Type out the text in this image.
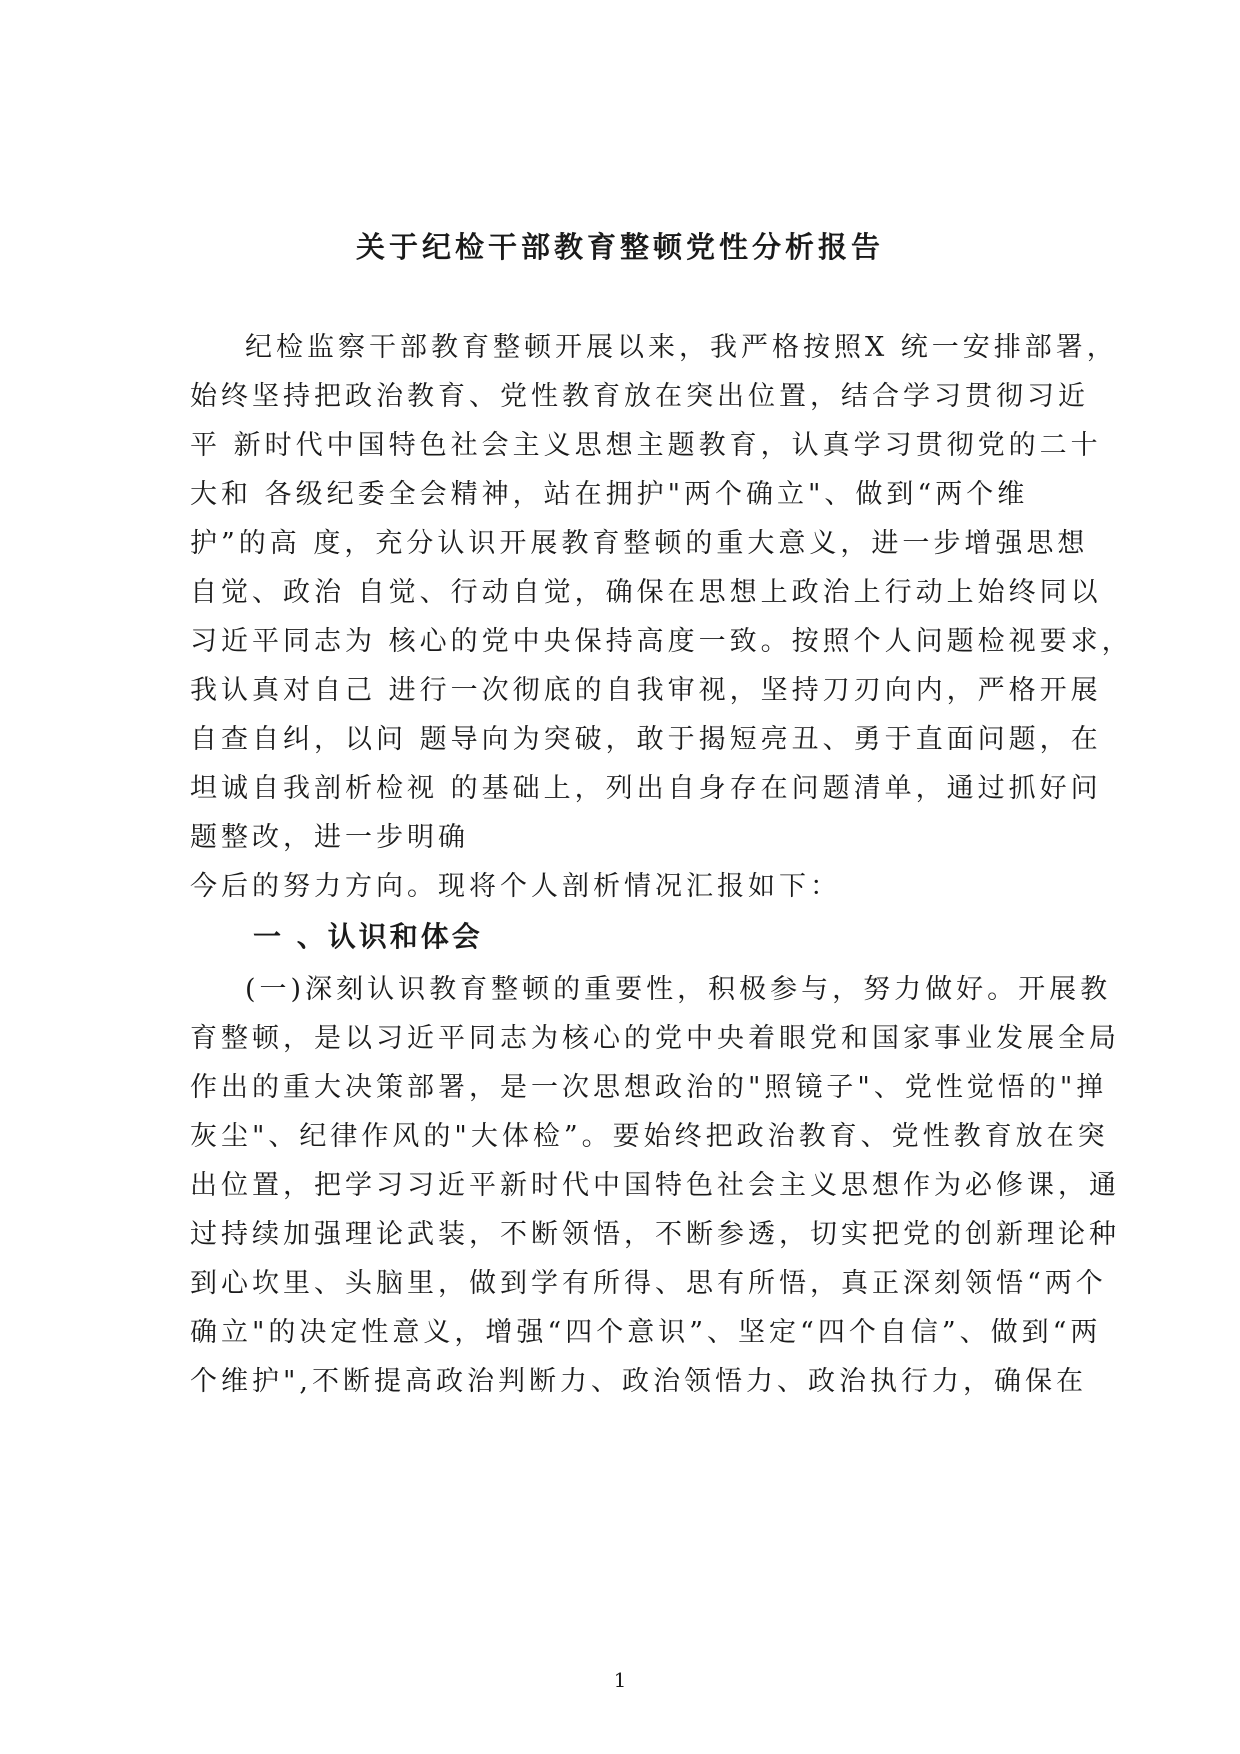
关于纪检干部教育整顿党性分析报告

纪检监察干部教育整顿开展以来，我严格按照X 统一安排部署，

始终坚持把政治教育、党性教育放在突出位置，结合学习贯彻习近

平 新时代中国特色社会主义思想主题教育，认真学习贯彻党的二十

大和 各级纪委全会精神，站在拥护"两个确立"、做到“两个维

护”的高 度，充分认识开展教育整顿的重大意义，进一步增强思想

自觉、政治 自觉、行动自觉，确保在思想上政治上行动上始终同以

习近平同志为 核心的党中央保持高度一致。按照个人问题检视要求，

我认真对自己 进行一次彻底的自我审视，坚持刀刃向内，严格开展

自查自纠，以问 题导向为突破，敢于揭短亮丑、勇于直面问题，在

坦诚自我剖析检视 的基础上，列出自身存在问题清单，通过抓好问

题整改，进一步明确

今后的努力方向。现将个人剖析情况汇报如下：

一 、认识和体会

(一)深刻认识教育整顿的重要性，积极参与，努力做好。开展教

育整顿，是以习近平同志为核心的党中央着眼党和国家事业发展全局

作出的重大决策部署，是一次思想政治的"照镜子"、党性觉悟的"掸

灰尘"、纪律作风的"大体检”。要始终把政治教育、党性教育放在突

出位置，把学习习近平新时代中国特色社会主义思想作为必修课，通

过持续加强理论武装，不断领悟，不断参透，切实把党的创新理论种

到心坎里、头脑里，做到学有所得、思有所悟，真正深刻领悟“两个

确立"的决定性意义，增强“四个意识”、坚定“四个自信”、做到“两

个维护",不断提高政治判断力、政治领悟力、政治执行力，确保在

1
